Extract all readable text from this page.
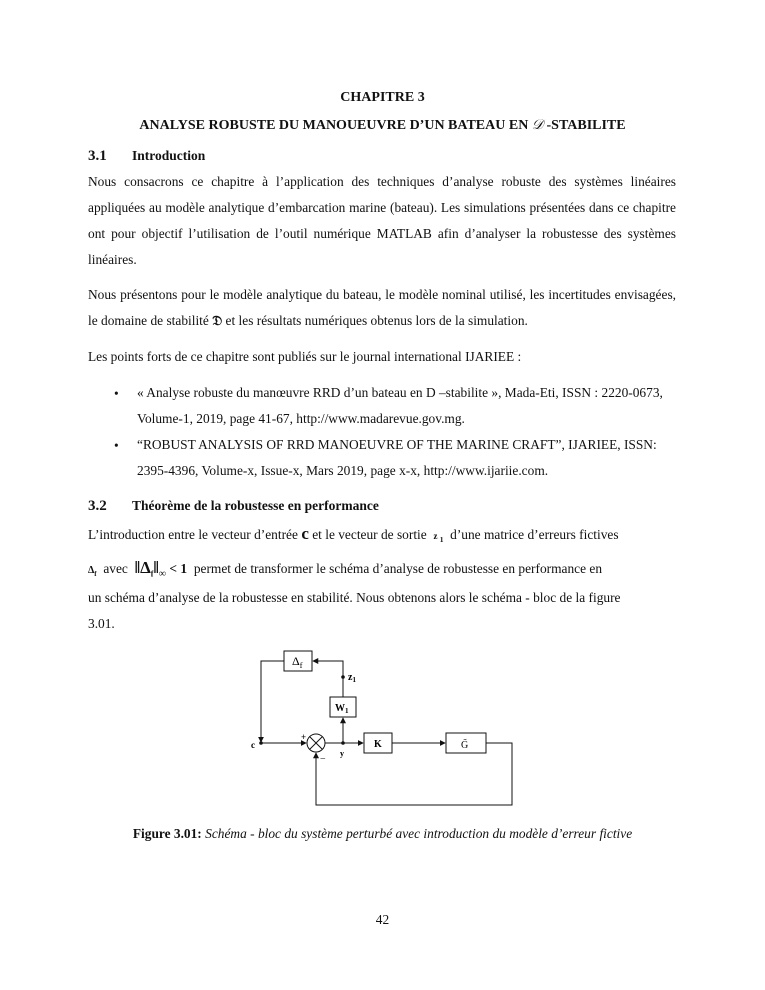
CHAPITRE 3
ANALYSE ROBUSTE DU MANOUEUVRE D’UN BATEAU EN 𝒟 -STABILITE
3.1 Introduction

Nous consacrons ce chapitre à l’application des techniques d’analyse robuste des systèmes linéaires appliquées au modèle analytique d’embarcation marine (bateau). Les simulations présentées dans ce chapitre ont pour objectif l’utilisation de l’outil numérique MATLAB afin d’analyser la robustesse des systèmes linéaires.

Nous présentons pour le modèle analytique du bateau, le modèle nominal utilisé, les incertitudes envisagées, le domaine de stabilité 𝔇 et les résultats numériques obtenus lors de la simulation.

Les points forts de ce chapitre sont publiés sur le journal international IJARIEE :
• « Analyse robuste du manœuvre RRD d’un bateau en D –stabilite », Mada-Eti, ISSN : 2220-0673, Volume-1, 2019, page 41-67, http://www.madarevue.gov.mg.
• “ROBUST ANALYSIS OF RRD MANOEUVRE OF THE MARINE CRAFT”, IJARIEE, ISSN: 2395-4396, Volume-x, Issue-x, Mars 2019, page x-x, http://www.ijariie.com.
3.2 Théorème de la robustesse en performance
L’introduction entre le vecteur d’entrée c et le vecteur de sortie z $_1$ d’une matrice d’erreurs fictives
$\Delta_f$ avec $‖\Delta_f‖_\infty < 1$ permet de transformer le schéma d’analyse de robustesse en performance en
un schéma d’analyse de la robustesse en stabilité. Nous obtenons alors le schéma - bloc de la figure
3.01.
$\Delta_f$
$z_1$
$W_1$
K	G̃
c
y
+
−
Figure 3.01: Schéma - bloc du système perturbé avec introduction du modèle d’erreur fictive
42
